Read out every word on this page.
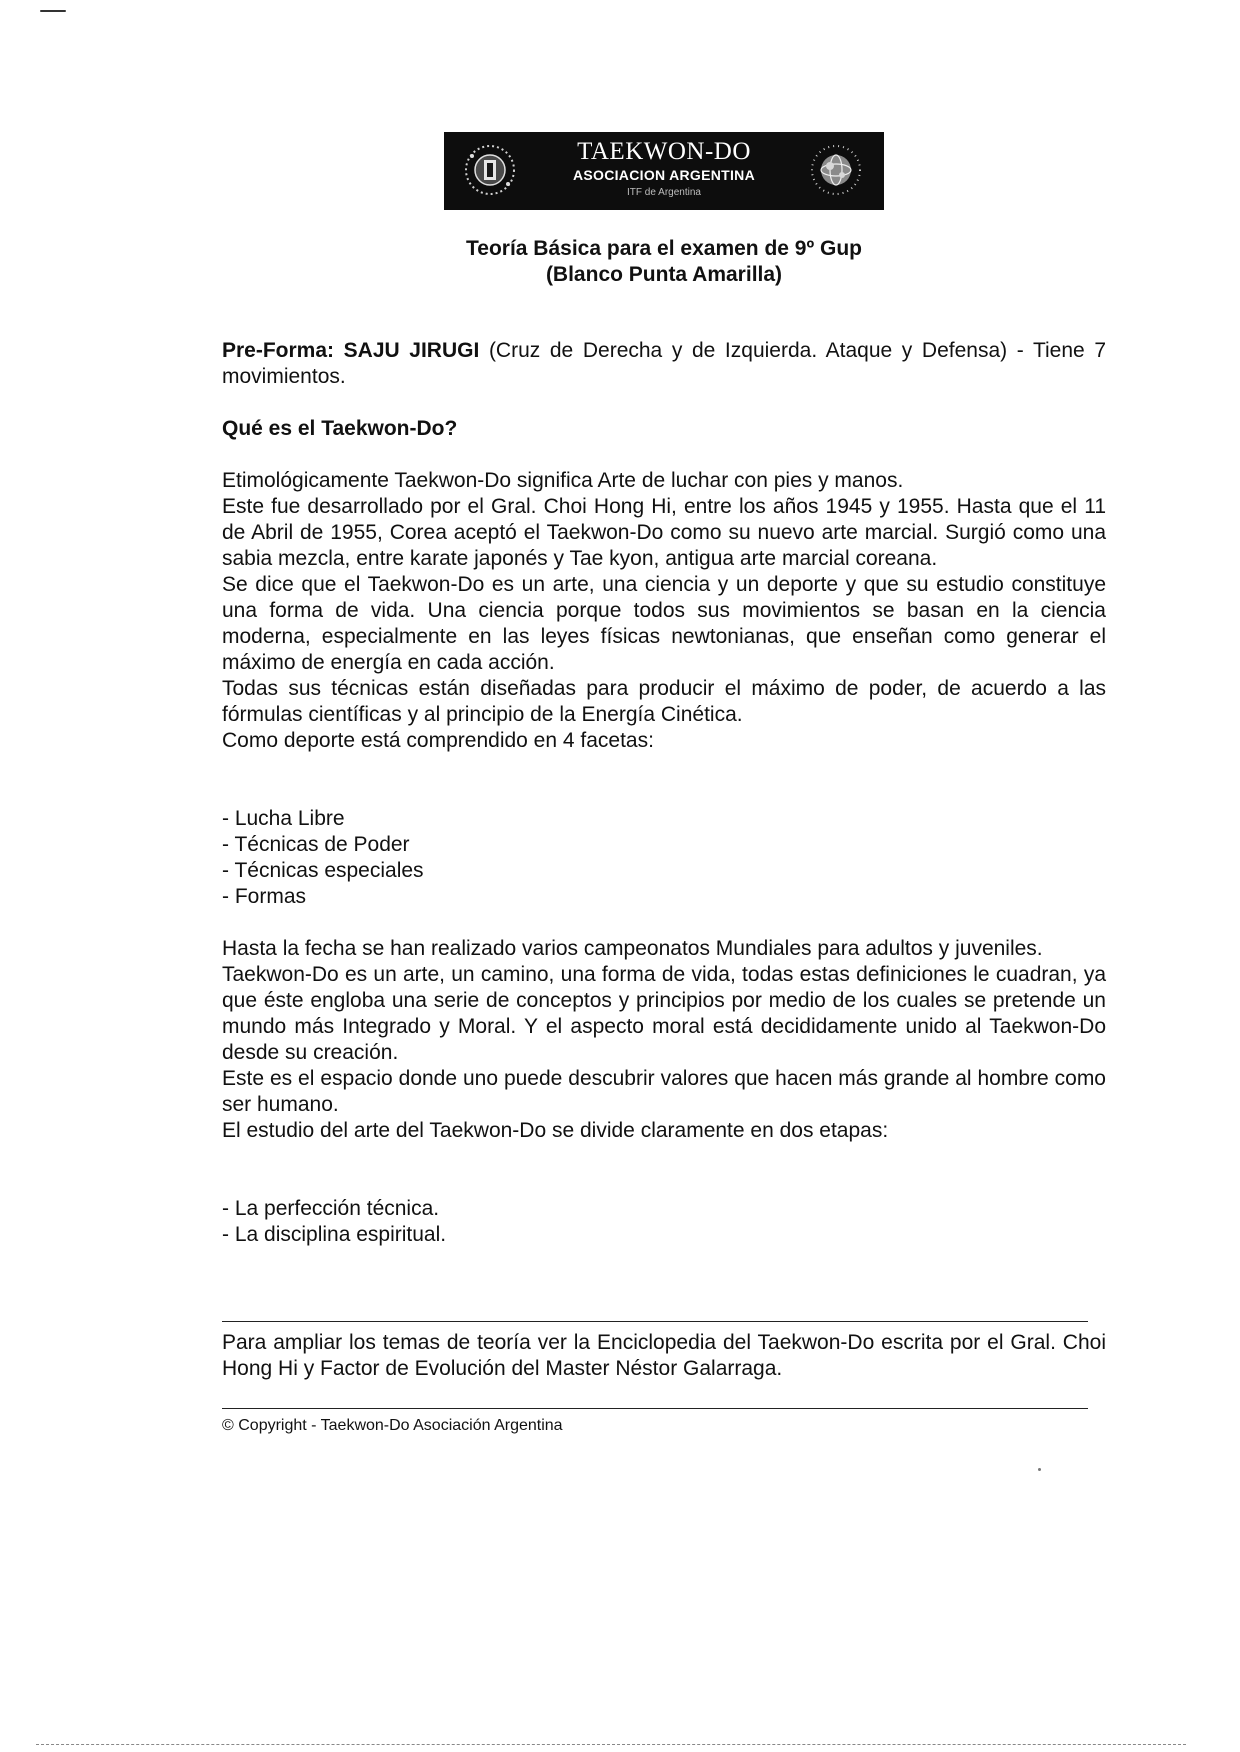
TAEKWON-DO
ASOCIACION ARGENTINA
ITF de Argentina
Teoría Básica para el examen de 9º Gup
(Blanco Punta Amarilla)
Pre-Forma: SAJU JIRUGI (Cruz de Derecha y de Izquierda. Ataque y Defensa) - Tiene 7 movimientos.
Qué es el Taekwon-Do?

Etimológicamente Taekwon-Do significa Arte de luchar con pies y manos.

Este fue desarrollado por el Gral. Choi Hong Hi, entre los años 1945 y 1955. Hasta que el 11 de Abril de 1955, Corea aceptó el Taekwon-Do como su nuevo arte marcial. Surgió como una sabia mezcla, entre karate japonés y Tae kyon, antigua arte marcial coreana.

Se dice que el Taekwon-Do es un arte, una ciencia y un deporte y que su estudio constituye una forma de vida. Una ciencia porque todos sus movimientos se basan en la ciencia moderna, especialmente en las leyes físicas newtonianas, que enseñan como generar el máximo de energía en cada acción.

Todas sus técnicas están diseñadas para producir el máximo de poder, de acuerdo a las fórmulas científicas y al principio de la Energía Cinética.

Como deporte está comprendido en 4 facetas:

- Lucha Libre

- Técnicas de Poder

- Técnicas especiales

- Formas

Hasta la fecha se han realizado varios campeonatos Mundiales para adultos y juveniles.

Taekwon-Do es un arte, un camino, una forma de vida, todas estas definiciones le cuadran, ya que éste engloba una serie de conceptos y principios por medio de los cuales se pretende un mundo más Integrado y Moral. Y el aspecto moral está decididamente unido al Taekwon-Do desde su creación.

Este es el espacio donde uno puede descubrir valores que hacen más grande al hombre como ser humano.

El estudio del arte del Taekwon-Do se divide claramente en dos etapas:

- La perfección técnica.

- La disciplina espiritual.

Para ampliar los temas de teoría ver la Enciclopedia del Taekwon-Do escrita por el Gral. Choi Hong Hi y Factor de Evolución del Master Néstor Galarraga.
© Copyright - Taekwon-Do Asociación Argentina
